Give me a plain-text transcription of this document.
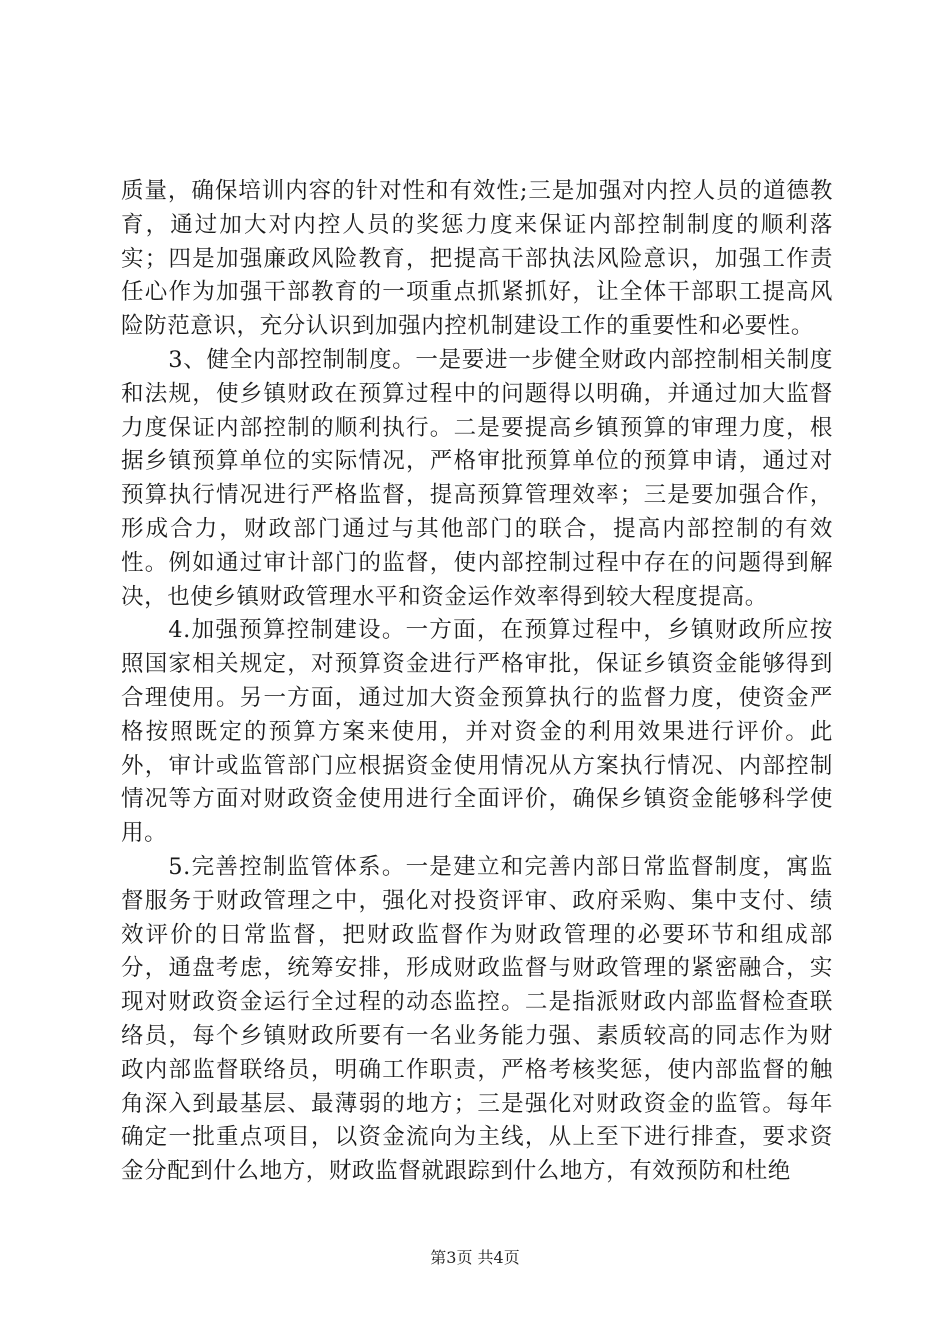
质量，确保培训内容的针对性和有效性;三是加强对内控人员的道德教育，通过加大对内控人员的奖惩力度来保证内部控制制度的顺利落实；四是加强廉政风险教育，把提高干部执法风险意识，加强工作责任心作为加强干部教育的一项重点抓紧抓好，让全体干部职工提高风险防范意识，充分认识到加强内控机制建设工作的重要性和必要性。

3、健全内部控制制度。一是要进一步健全财政内部控制相关制度和法规，使乡镇财政在预算过程中的问题得以明确，并通过加大监督力度保证内部控制的顺利执行。二是要提高乡镇预算的审理力度，根据乡镇预算单位的实际情况，严格审批预算单位的预算申请，通过对预算执行情况进行严格监督，提高预算管理效率；三是要加强合作，形成合力，财政部门通过与其他部门的联合，提高内部控制的有效性。例如通过审计部门的监督，使内部控制过程中存在的问题得到解决，也使乡镇财政管理水平和资金运作效率得到较大程度提高。

4.加强预算控制建设。一方面，在预算过程中，乡镇财政所应按照国家相关规定，对预算资金进行严格审批，保证乡镇资金能够得到合理使用。另一方面，通过加大资金预算执行的监督力度，使资金严格按照既定的预算方案来使用，并对资金的利用效果进行评价。此外，审计或监管部门应根据资金使用情况从方案执行情况、内部控制情况等方面对财政资金使用进行全面评价，确保乡镇资金能够科学使用。

5.完善控制监管体系。一是建立和完善内部日常监督制度，寓监督服务于财政管理之中，强化对投资评审、政府采购、集中支付、绩效评价的日常监督，把财政监督作为财政管理的必要环节和组成部分，通盘考虑，统筹安排，形成财政监督与财政管理的紧密融合，实现对财政资金运行全过程的动态监控。二是指派财政内部监督检查联络员，每个乡镇财政所要有一名业务能力强、素质较高的同志作为财政内部监督联络员，明确工作职责，严格考核奖惩，使内部监督的触角深入到最基层、最薄弱的地方；三是强化对财政资金的监管。每年确定一批重点项目，以资金流向为主线，从上至下进行排查，要求资金分配到什么地方，财政监督就跟踪到什么地方，有效预防和杜绝

第3页 共4页
